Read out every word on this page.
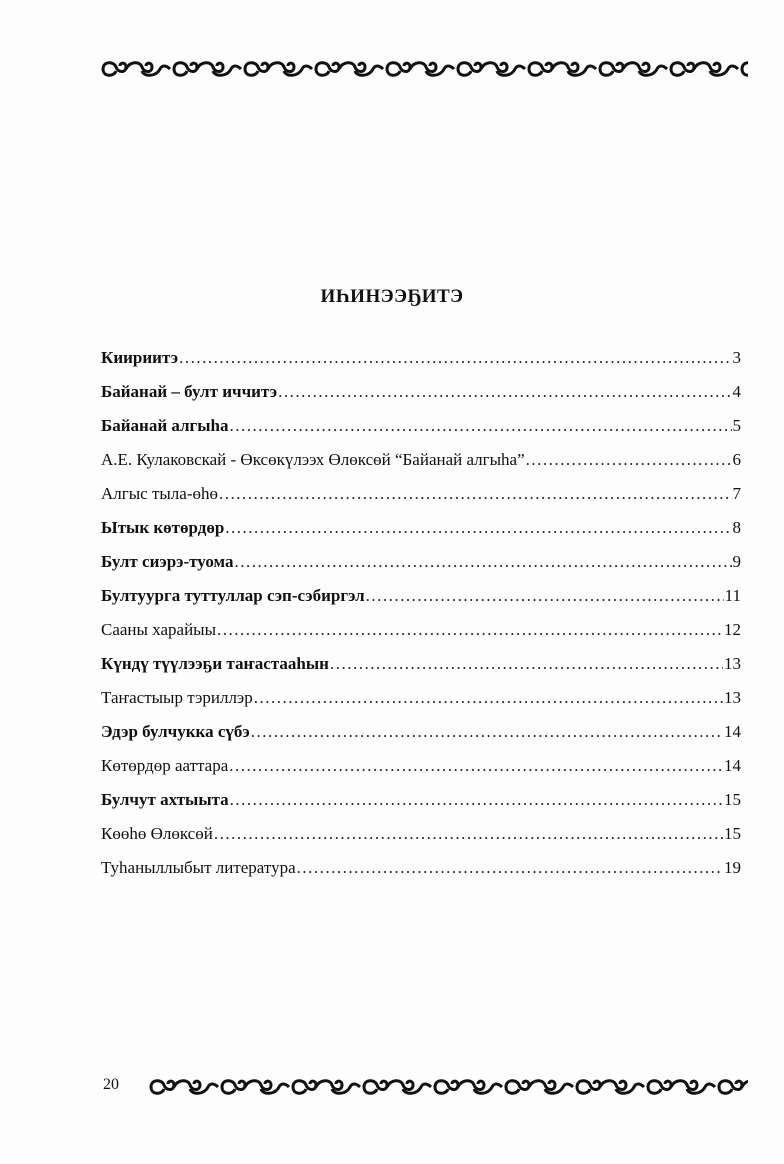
ИҺИНЭЭҔИТЭ
Киириитэ .....	3
Байанай – булт иччитэ .....	4
Байанай алгыһа .....	5
А.Е. Кулаковскай - Өксөкүлээх Өлөксөй “Байанай алгыһа” .....	6
Алгыс тыла-өһө .....	7
Ытык көтөрдөр .....	8
Булт сиэрэ-туома .....	9
Бултуурга туттуллар сэп-сэбиргэл .....	11
Сааны харайыы .....	12
Күндү түүлээҕи таҥастааһын .....	13
Таҥастыыр тэриллэр .....	13
Эдэр булчукка сүбэ .....	14
Көтөрдөр ааттара .....	14
Булчут ахтыыта .....	15
Көөһө Өлөксөй .....	15
Туһаныллыбыт литература .....	19
20
